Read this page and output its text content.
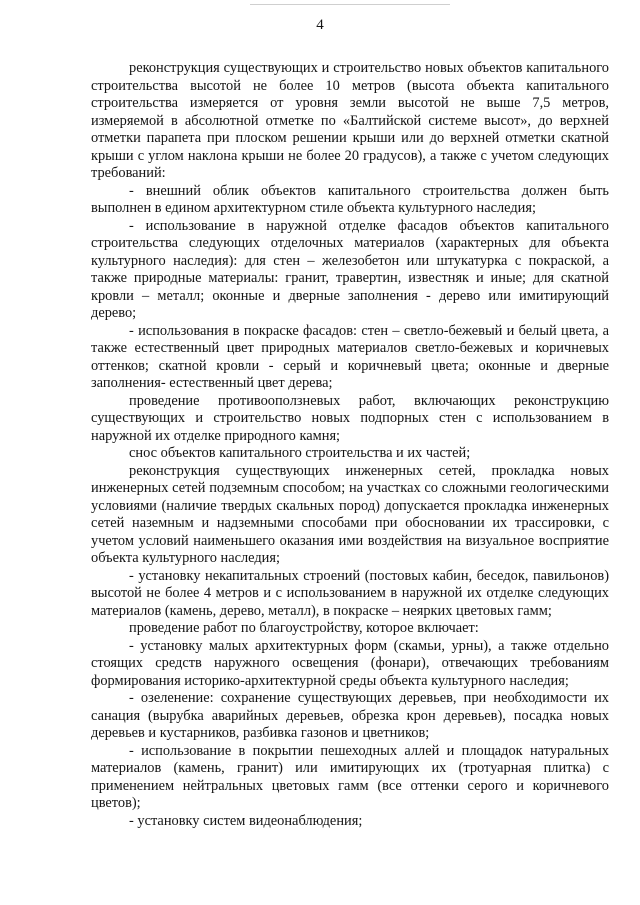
4

реконструкция существующих и строительство новых объектов капитального строительства высотой не более 10 метров (высота объекта капитального строительства измеряется от уровня земли высотой не выше 7,5 метров, измеряемой в абсолютной отметке по «Балтийской системе высот», до верхней отметки парапета при плоском решении крыши или до верхней отметки скатной крыши с углом наклона крыши не более 20 градусов), а также с учетом следующих требований:

- внешний облик объектов капитального строительства должен быть выполнен в едином архитектурном стиле объекта культурного наследия;

- использование в наружной отделке фасадов объектов капитального строительства следующих отделочных материалов (характерных для объекта культурного наследия): для стен – железобетон или штукатурка с покраской, а также природные материалы: гранит, травертин, известняк и иные; для скатной кровли – металл; оконные и дверные заполнения - дерево или имитирующий дерево;

- использования в покраске фасадов: стен – светло-бежевый и белый цвета, а также естественный цвет природных материалов светло-бежевых и коричневых оттенков; скатной кровли - серый и коричневый цвета; оконные и дверные заполнения- естественный цвет дерева;

проведение противооползневых работ, включающих реконструкцию существующих и строительство новых подпорных стен с использованием в наружной их отделке природного камня;

снос объектов капитального строительства и их частей;

реконструкция существующих инженерных сетей, прокладка новых инженерных сетей подземным способом; на участках со сложными геологическими условиями (наличие твердых скальных пород) допускается прокладка инженерных сетей наземным и надземными способами при обосновании их трассировки, с учетом условий наименьшего оказания ими воздействия на визуальное восприятие объекта культурного наследия;

- установку некапитальных строений (постовых кабин, беседок, павильонов) высотой не более 4 метров и с использованием в наружной их отделке следующих материалов (камень, дерево, металл), в покраске – неярких цветовых гамм;

проведение работ по благоустройству, которое включает:

- установку малых архитектурных форм (скамьи, урны), а также отдельно стоящих средств наружного освещения (фонари), отвечающих требованиям формирования историко-архитектурной среды объекта культурного наследия;

- озеленение: сохранение существующих деревьев, при необходимости их санация (вырубка аварийных деревьев, обрезка крон деревьев), посадка новых деревьев и кустарников, разбивка газонов и цветников;

- использование в покрытии пешеходных аллей и площадок натуральных материалов (камень, гранит) или имитирующих их (тротуарная плитка) с применением нейтральных цветовых гамм (все оттенки серого и коричневого цветов);

- установку систем видеонаблюдения;
